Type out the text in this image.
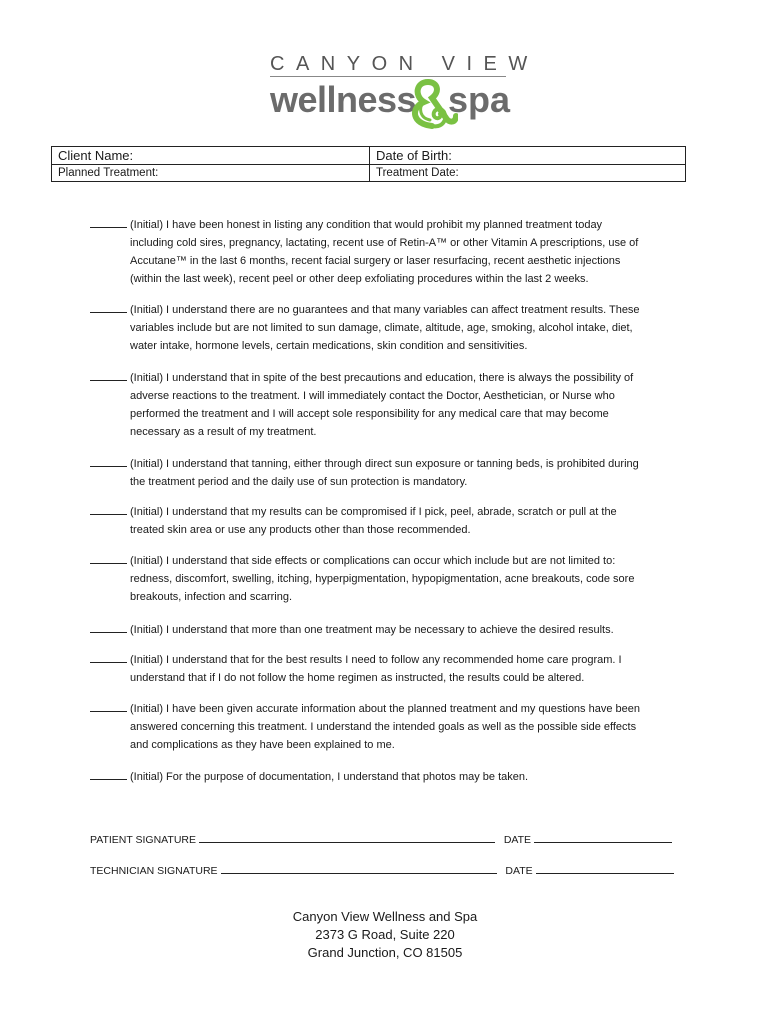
CANYON VIEW
wellness spa
Client Name:	Date of Birth:
Planned Treatment:	Treatment Date:
(Initial) I have been honest in listing any condition that would prohibit my planned treatment today
including cold sires, pregnancy, lactating, recent use of Retin-A™ or other Vitamin A prescriptions, use of
Accutane™ in the last 6 months, recent facial surgery or laser resurfacing, recent aesthetic injections
(within the last week), recent peel or other deep exfoliating procedures within the last 2 weeks.
(Initial) I understand there are no guarantees and that many variables can affect treatment results. These
variables include but are not limited to sun damage, climate, altitude, age, smoking, alcohol intake, diet,
water intake, hormone levels, certain medications, skin condition and sensitivities.
(Initial) I understand that in spite of the best precautions and education, there is always the possibility of
adverse reactions to the treatment. I will immediately contact the Doctor, Aesthetician, or Nurse who
performed the treatment and I will accept sole responsibility for any medical care that may become
necessary as a result of my treatment.
(Initial) I understand that tanning, either through direct sun exposure or tanning beds, is prohibited during
the treatment period and the daily use of sun protection is mandatory.
(Initial) I understand that my results can be compromised if I pick, peel, abrade, scratch or pull at the
treated skin area or use any products other than those recommended.
(Initial) I understand that side effects or complications can occur which include but are not limited to:
redness, discomfort, swelling, itching, hyperpigmentation, hypopigmentation, acne breakouts, code sore
breakouts, infection and scarring.
(Initial) I understand that more than one treatment may be necessary to achieve the desired results.
(Initial) I understand that for the best results I need to follow any recommended home care program. I
understand that if I do not follow the home regimen as instructed, the results could be altered.
(Initial) I have been given accurate information about the planned treatment and my questions have been
answered concerning this treatment. I understand the intended goals as well as the possible side effects
and complications as they have been explained to me.
(Initial) For the purpose of documentation, I understand that photos may be taken.
PATIENT SIGNATURE	DATE
TECHNICIAN SIGNATURE	DATE
Canyon View Wellness and Spa
2373 G Road, Suite 220
Grand Junction, CO 81505
